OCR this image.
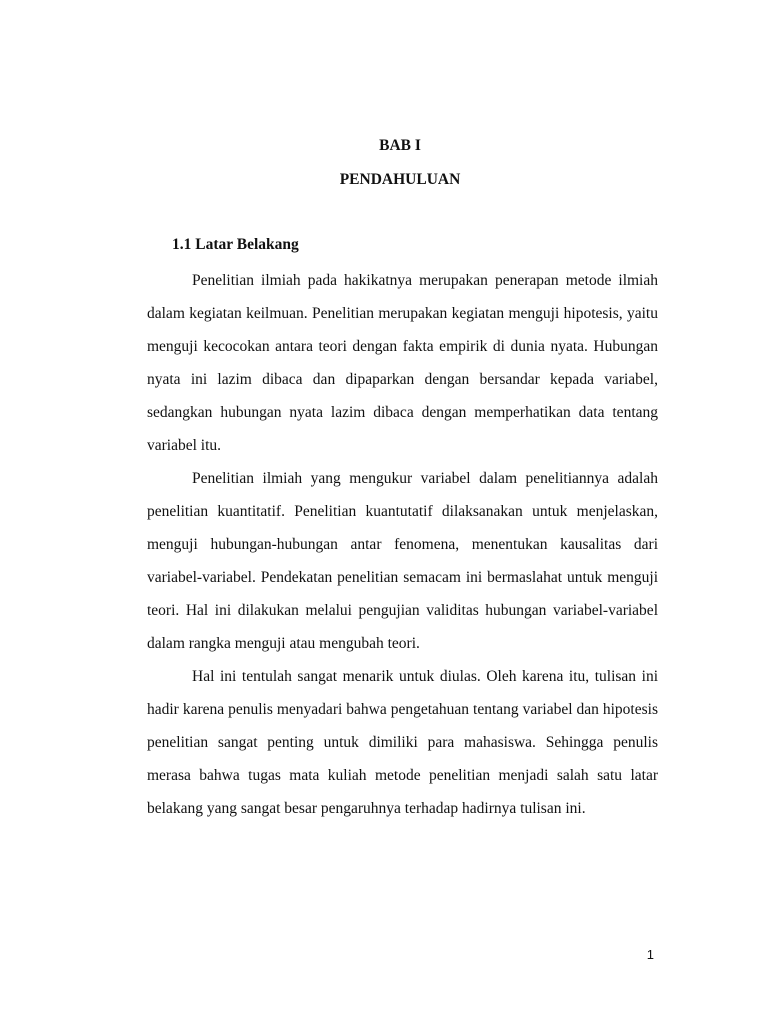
BAB I
PENDAHULUAN
1.1 Latar Belakang

Penelitian ilmiah pada hakikatnya merupakan penerapan metode ilmiah dalam kegiatan keilmuan. Penelitian merupakan kegiatan menguji hipotesis, yaitu menguji kecocokan antara teori dengan fakta empirik di dunia nyata. Hubungan nyata ini lazim dibaca dan dipaparkan dengan bersandar kepada variabel, sedangkan hubungan nyata lazim dibaca dengan memperhatikan data tentang variabel itu.

Penelitian ilmiah yang mengukur variabel dalam penelitiannya adalah penelitian kuantitatif. Penelitian kuantutatif dilaksanakan untuk menjelaskan, menguji hubungan-hubungan antar fenomena, menentukan kausalitas dari variabel-variabel. Pendekatan penelitian semacam ini bermaslahat untuk menguji teori. Hal ini dilakukan melalui pengujian validitas hubungan variabel-variabel dalam rangka menguji atau mengubah teori.

Hal ini tentulah sangat menarik untuk diulas. Oleh karena itu, tulisan ini hadir karena penulis menyadari bahwa pengetahuan tentang variabel dan hipotesis penelitian sangat penting untuk dimiliki para mahasiswa. Sehingga penulis merasa bahwa tugas mata kuliah metode penelitian menjadi salah satu latar belakang yang sangat besar pengaruhnya terhadap hadirnya tulisan ini.

1
